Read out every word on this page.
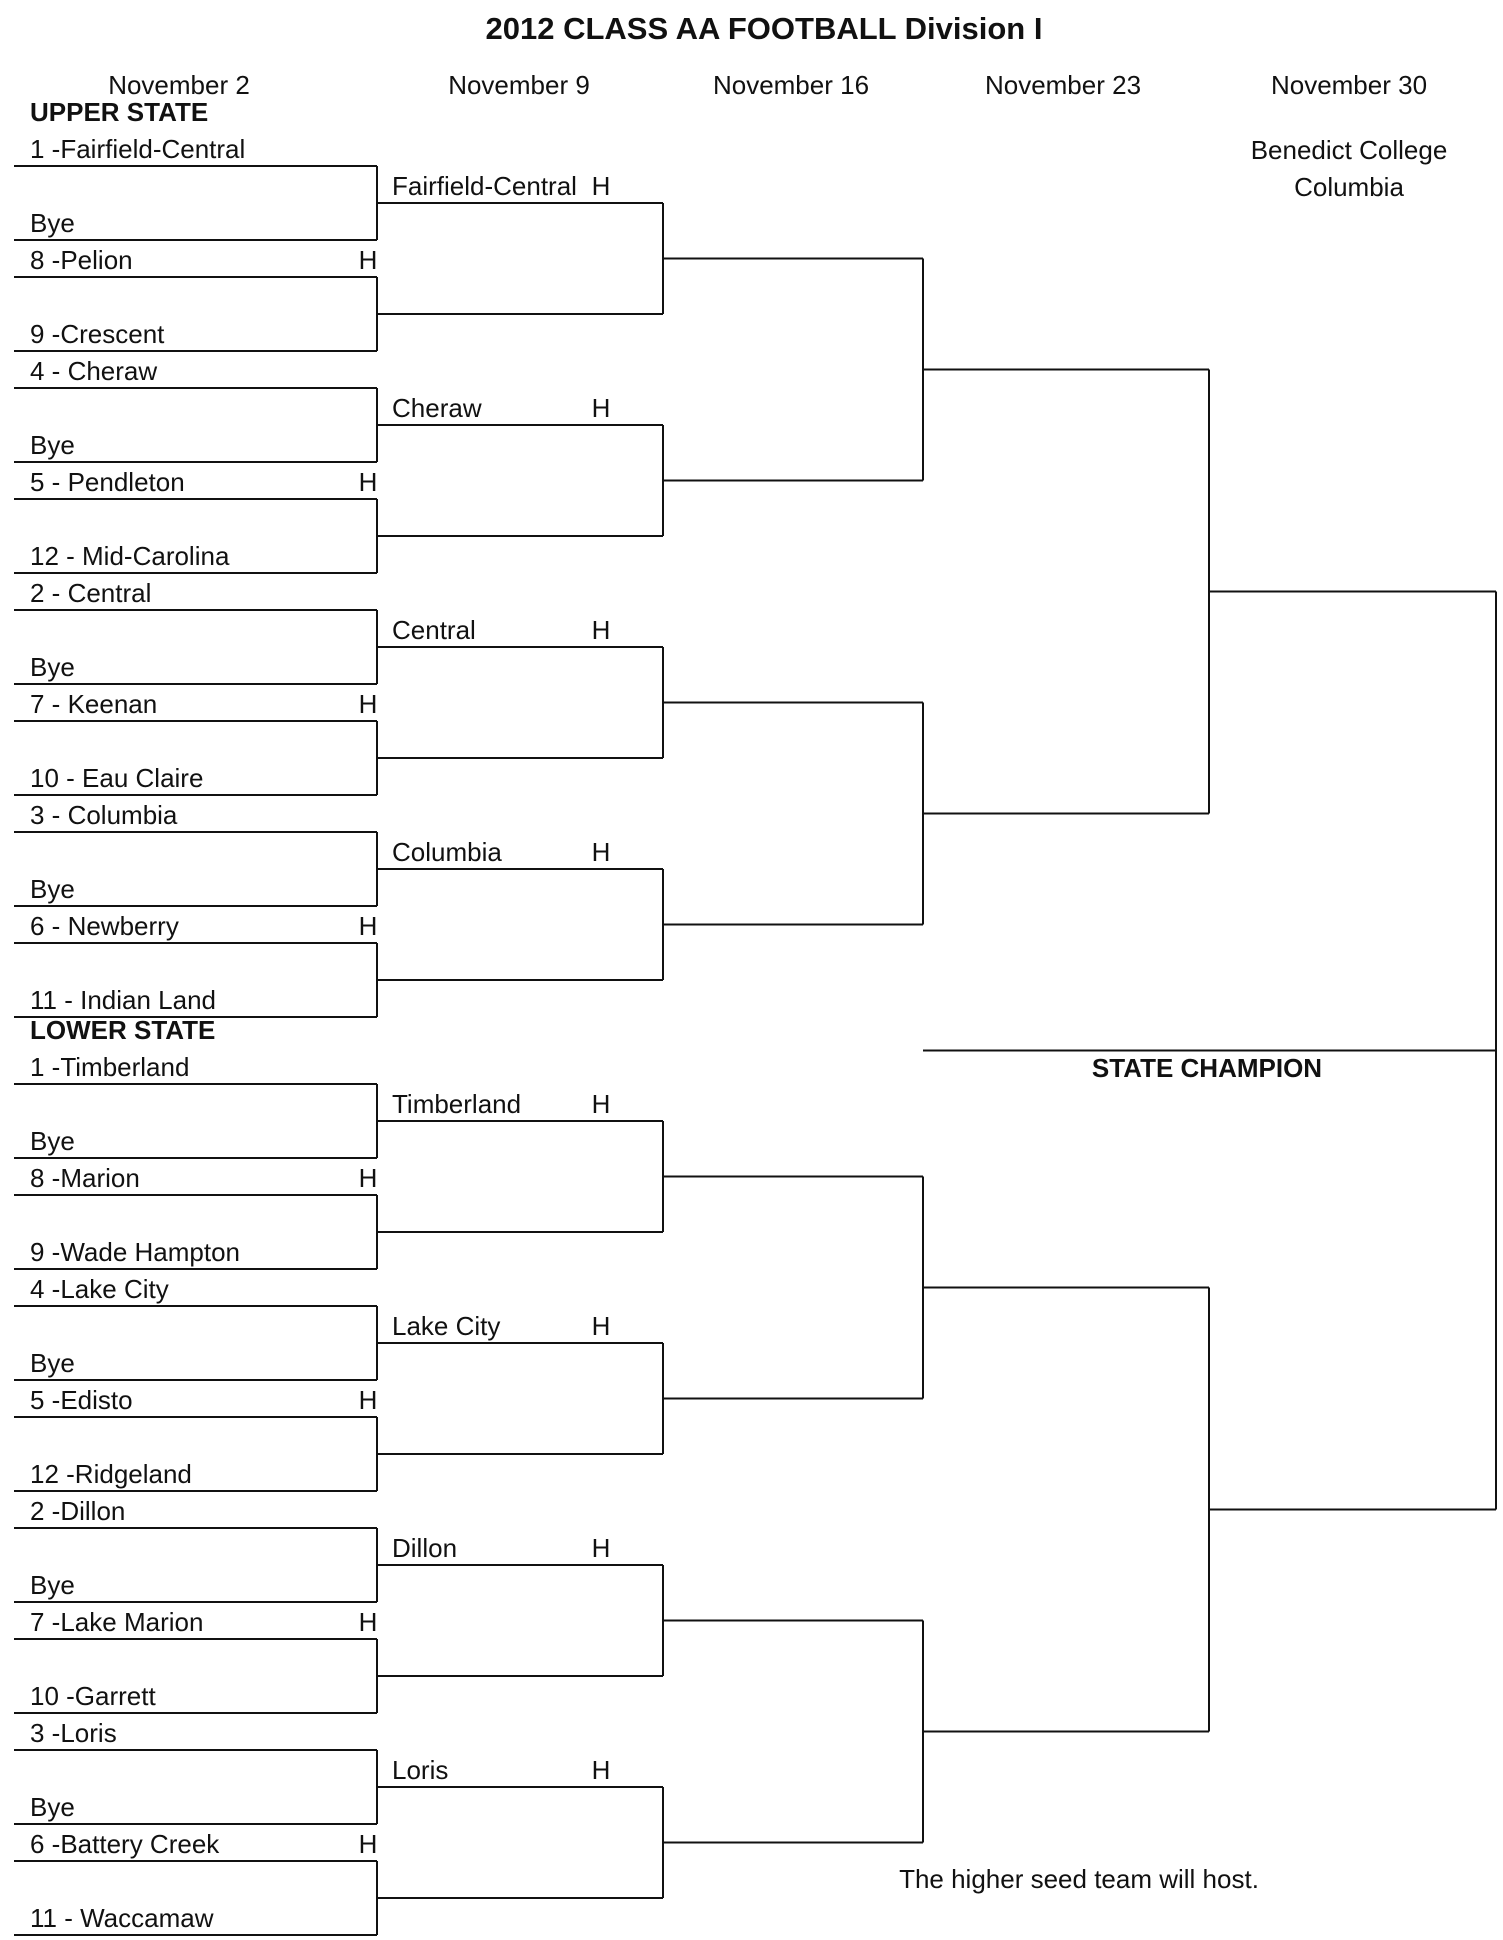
2012 CLASS AA FOOTBALL Division I
November 2	November 9	November 16	November 23	November 30
Benedict College
Columbia
UPPER STATE
1 -Fairfield-Central
Bye
8 -Pelion
9 -Crescent
H
Fairfield-Central H
4 - Cheraw
Bye
5 - Pendleton
12 - Mid-Carolina
H
Cheraw	H
2 - Central
Bye
7 - Keenan
10 - Eau Claire
H
Central	H
3 - Columbia
Bye
6 - Newberry
11 - Indian Land
H
Columbia	H
LOWER STATE
1 -Timberland
Bye
8 -Marion
9 -Wade Hampton
H
Timberland	H
4 -Lake City
Bye
5 -Edisto
12 -Ridgeland
H
Lake City	H
2 -Dillon
Bye
7 -Lake Marion
10 -Garrett
H
Dillon	H
3 -Loris
Bye
6 -Battery Creek
11 - Waccamaw
H
Loris	H
STATE CHAMPION
The higher seed team will host.
